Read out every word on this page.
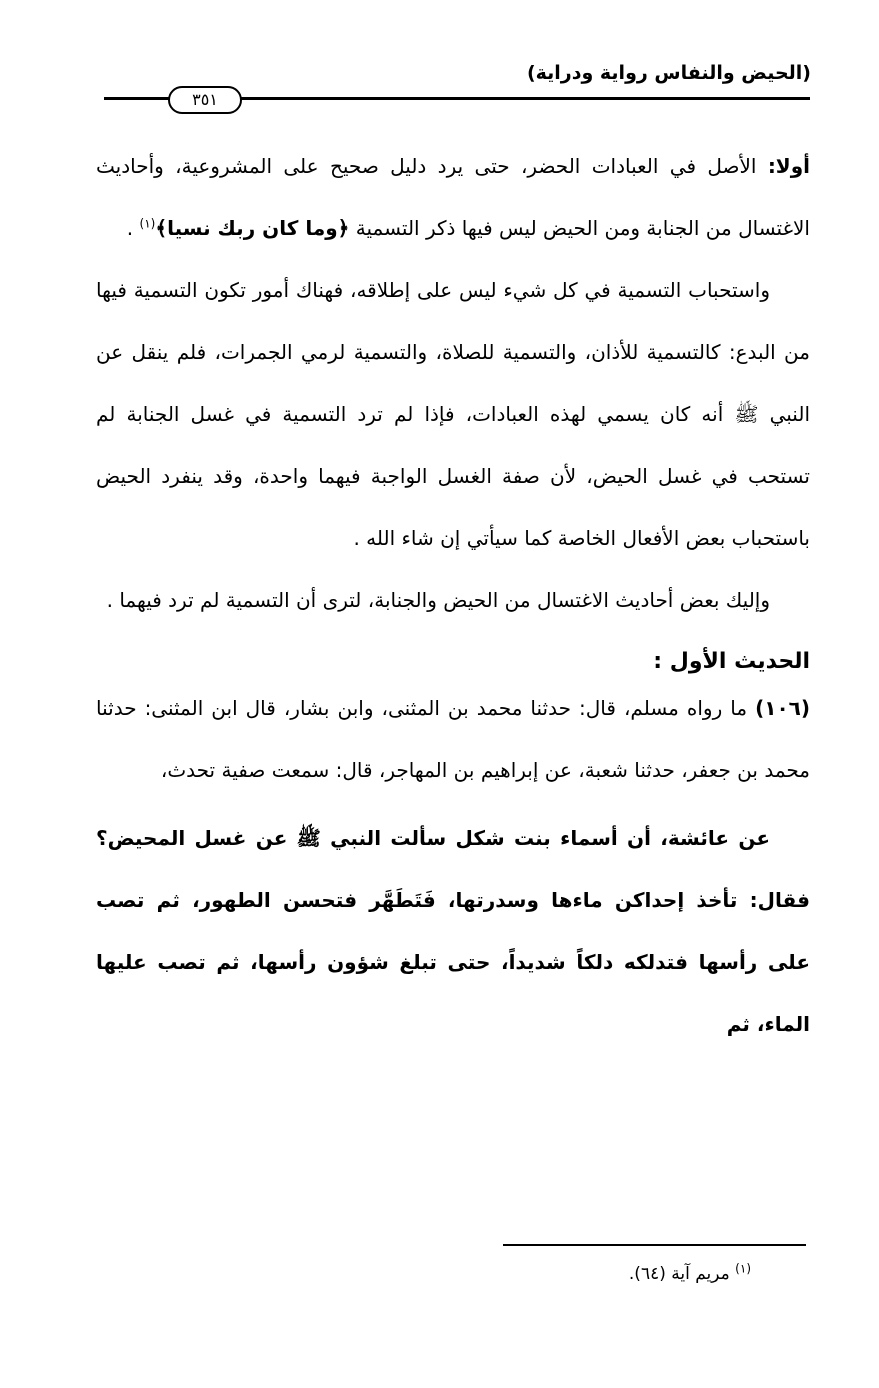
(الحيض والنفاس رواية ودراية)
٣٥١

أولا: الأصل في العبادات الحضر، حتى يرد دليل صحيح على المشروعية، وأحاديث الاغتسال من الجنابة ومن الحيض ليس فيها ذكر التسمية ﴿وما كان ربك نسيا﴾$^{(١)}$ .

واستحباب التسمية في كل شيء ليس على إطلاقه، فهناك أمور تكون التسمية فيها من البدع: كالتسمية للأذان، والتسمية للصلاة، والتسمية لرمي الجمرات، فلم ينقل عن النبي ﷺ أنه كان يسمي لهذه العبادات، فإذا لم ترد التسمية في غسل الجنابة لم تستحب في غسل الحيض، لأن صفة الغسل الواجبة فيهما واحدة، وقد ينفرد الحيض باستحباب بعض الأفعال الخاصة كما سيأتي إن شاء الله .

وإليك بعض أحاديث الاغتسال من الحيض والجنابة، لترى أن التسمية لم ترد فيهما .

الحديث الأول :

(١٠٦) ما رواه مسلم، قال: حدثنا محمد بن المثنى، وابن بشار، قال ابن المثنى: حدثنا محمد بن جعفر، حدثنا شعبة، عن إبراهيم بن المهاجر، قال: سمعت صفية تحدث،

عن عائشة، أن أسماء بنت شكل سألت النبي ﷺ عن غسل المحيض؟ فقال: تأخذ إحداكن ماءها وسدرتها، فَتَطَهَّر فتحسن الطهور، ثم تصب على رأسها فتدلكه دلكاً شديداً، حتى تبلغ شؤون رأسها، ثم تصب عليها الماء، ثم

$^{(١)}$ مريم آية (٦٤).
